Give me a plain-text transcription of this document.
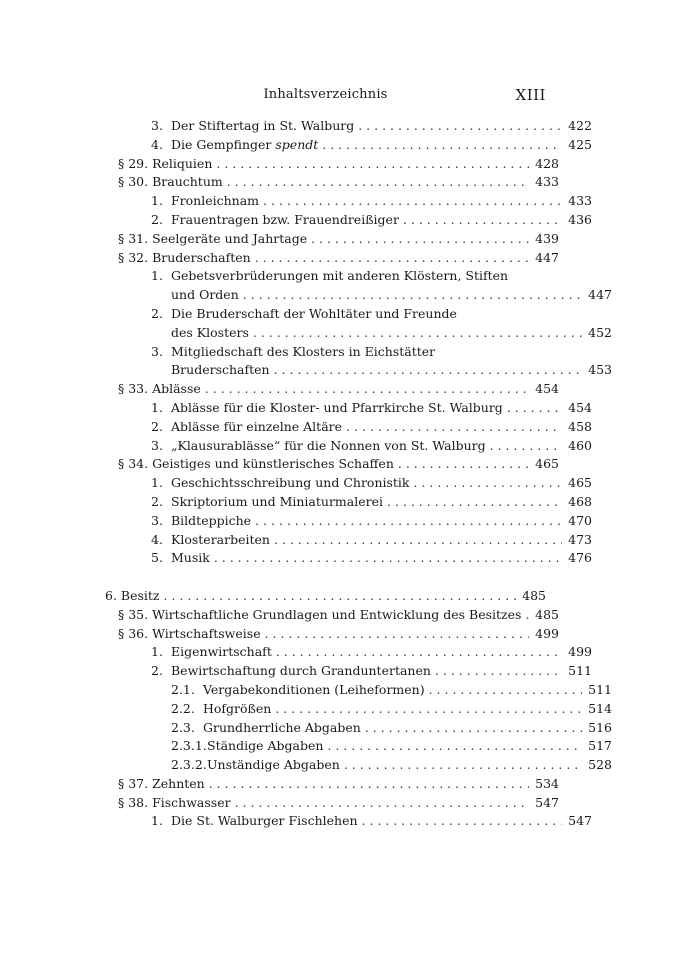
Inhaltsverzeichnis	XIII
3. Der Stiftertag in St. Walburg . . .	422
4. Die Gempfinger spendt . . .	425
§ 29. Reliquien . . .	428
§ 30. Brauchtum . . .	433
1. Fronleichnam . . .	433
2. Frauentragen bzw. Frauendreißiger . . .	436
§ 31. Seelgeräte und Jahrtage . . .	439
§ 32. Bruderschaften . . .	447
1. Gebetsverbrüderungen mit anderen Klöstern, Stiften
und Orden . . .	447
2. Die Bruderschaft der Wohltäter und Freunde
des Klosters . . .	452
3. Mitgliedschaft des Klosters in Eichstätter
Bruderschaften . . .	453
§ 33. Ablässe . . .	454
1. Ablässe für die Kloster- und Pfarrkirche St. Walburg . . .	454
2. Ablässe für einzelne Altäre . . .	458
3. „Klausurablässe“ für die Nonnen von St. Walburg . . .	460
§ 34. Geistiges und künstlerisches Schaffen . . .	465
1. Geschichtsschreibung und Chronistik . . .	465
2. Skriptorium und Miniaturmalerei . . .	468
3. Bildteppiche . . .	470
4. Klosterarbeiten . . .	473
5. Musik . . .	476
6. Besitz . . .	485
§ 35. Wirtschaftliche Grundlagen und Entwicklung des Besitzes . . . 485
§ 36. Wirtschaftsweise . . .	499
1. Eigenwirtschaft . . .	499
2. Bewirtschaftung durch Granduntertanen . . .	511
2.1. Vergabekonditionen (Leiheformen) . . .	511
2.2. Hofgrößen . . .	514
2.3. Grundherrliche Abgaben . . .	516
2.3.1. Ständige Abgaben . . .	517
2.3.2. Unständige Abgaben . . .	528
§ 37. Zehnten . . .	534
§ 38. Fischwasser . . .	547
1. Die St. Walburger Fischlehen . . .	547
